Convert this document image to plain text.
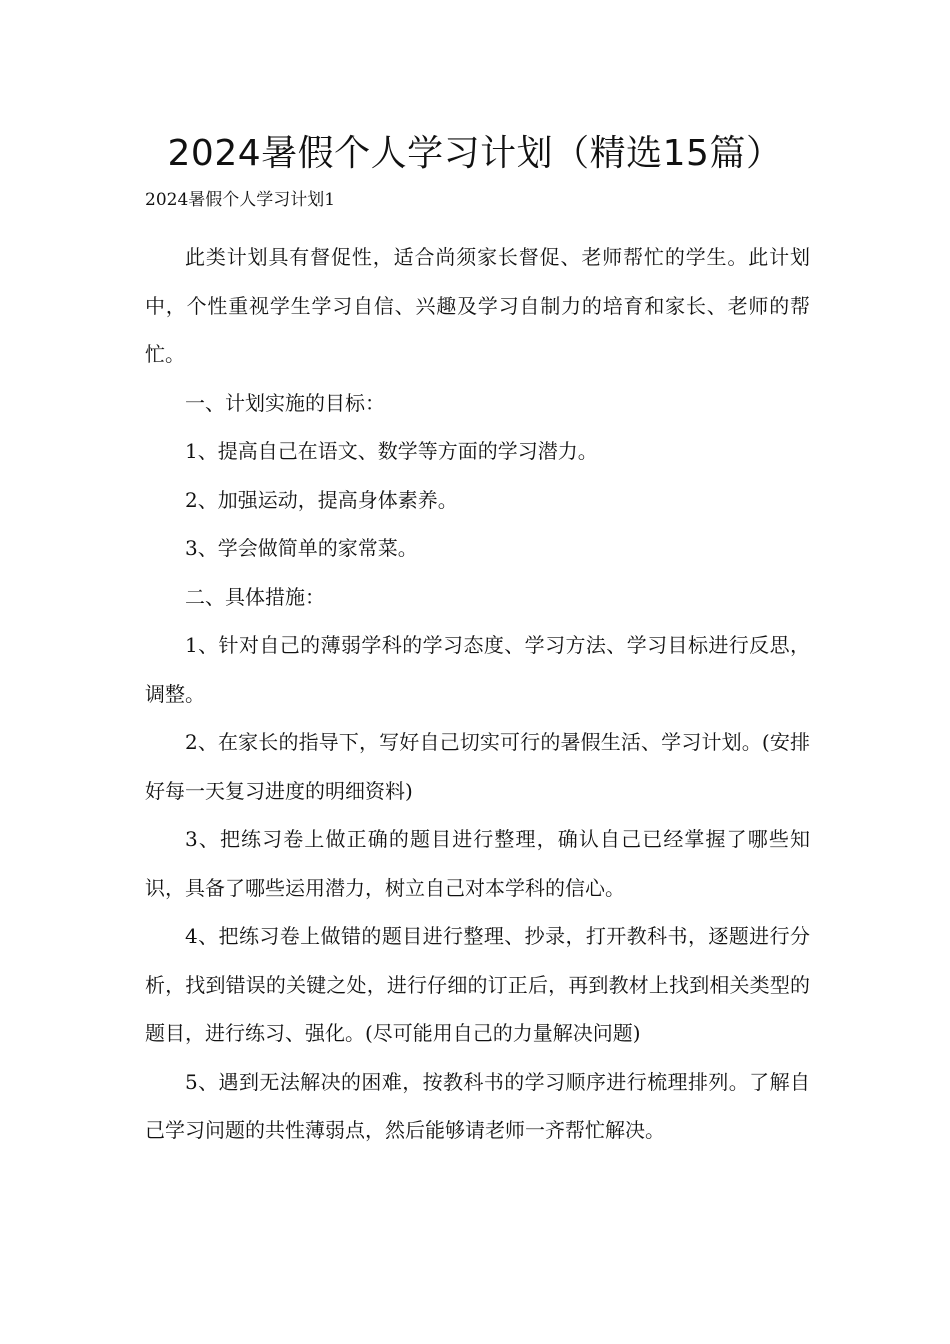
2024暑假个人学习计划（精选15篇）
2024暑假个人学习计划1

此类计划具有督促性，适合尚须家长督促、老师帮忙的学生。此计划中，个性重视学生学习自信、兴趣及学习自制力的培育和家长、老师的帮忙。

一、计划实施的目标：

1、提高自己在语文、数学等方面的学习潜力。

2、加强运动，提高身体素养。

3、学会做简单的家常菜。

二、具体措施：

1、针对自己的薄弱学科的学习态度、学习方法、学习目标进行反思，调整。

2、在家长的指导下，写好自己切实可行的暑假生活、学习计划。(安排好每一天复习进度的明细资料)

3、把练习卷上做正确的题目进行整理，确认自己已经掌握了哪些知识，具备了哪些运用潜力，树立自己对本学科的信心。

4、把练习卷上做错的题目进行整理、抄录，打开教科书，逐题进行分析，找到错误的关键之处，进行仔细的订正后，再到教材上找到相关类型的题目，进行练习、强化。(尽可能用自己的力量解决问题)

5、遇到无法解决的困难，按教科书的学习顺序进行梳理排列。了解自己学习问题的共性薄弱点，然后能够请老师一齐帮忙解决。
